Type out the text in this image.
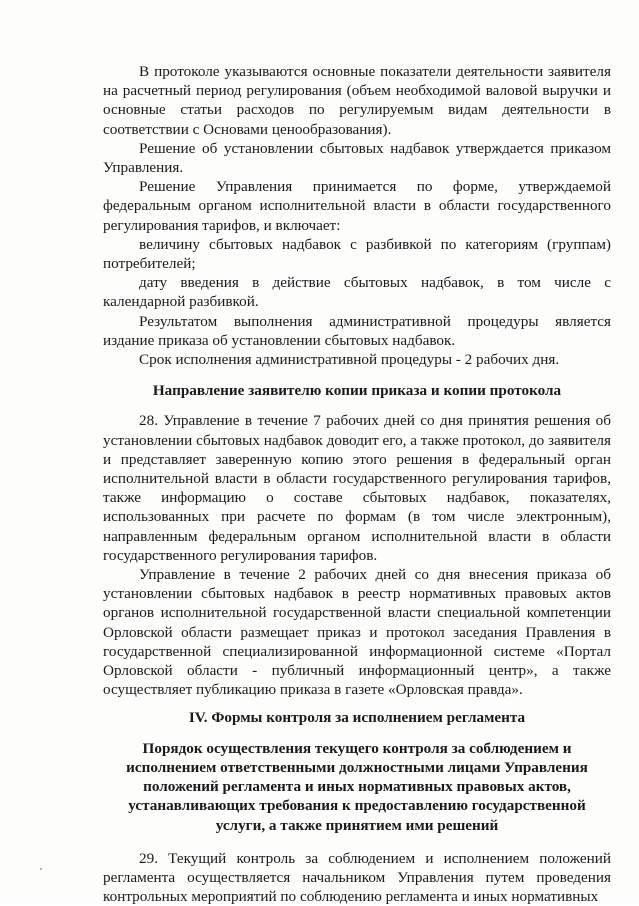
В протоколе указываются основные показатели деятельности заявителя на расчетный период регулирования (объем необходимой валовой выручки и основные статьи расходов по регулируемым видам деятельности в соответствии с Основами ценообразования).

Решение об установлении сбытовых надбавок утверждается приказом Управления.

Решение Управления принимается по форме, утверждаемой федеральным органом исполнительной власти в области государственного регулирования тарифов, и включает:

величину сбытовых надбавок с разбивкой по категориям (группам) потребителей;

дату введения в действие сбытовых надбавок, в том числе с календарной разбивкой.

Результатом выполнения административной процедуры является издание приказа об установлении сбытовых надбавок.

Срок исполнения административной процедуры - 2 рабочих дня.

Направление заявителю копии приказа и копии протокола

28. Управление в течение 7 рабочих дней со дня принятия решения об установлении сбытовых надбавок доводит его, а также протокол, до заявителя и представляет заверенную копию этого решения в федеральный орган исполнительной власти в области государственного регулирования тарифов, также информацию о составе сбытовых надбавок, показателях, использованных при расчете по формам (в том числе электронным), направленным федеральным органом исполнительной власти в области государственного регулирования тарифов.

Управление в течение 2 рабочих дней со дня внесения приказа об установлении сбытовых надбавок в реестр нормативных правовых актов органов исполнительной государственной власти специальной компетенции Орловской области размещает приказ и протокол заседания Правления в государственной специализированной информационной системе «Портал Орловской области - публичный информационный центр», а также осуществляет публикацию приказа в газете «Орловская правда».

IV. Формы контроля за исполнением регламента

Порядок осуществления текущего контроля за соблюдением и исполнением ответственными должностными лицами Управления положений регламента и иных нормативных правовых актов, устанавливающих требования к предоставлению государственной услуги, а также принятием ими решений

29. Текущий контроль за соблюдением и исполнением положений регламента осуществляется начальником Управления путем проведения контрольных мероприятий по соблюдению регламента и иных нормативных
